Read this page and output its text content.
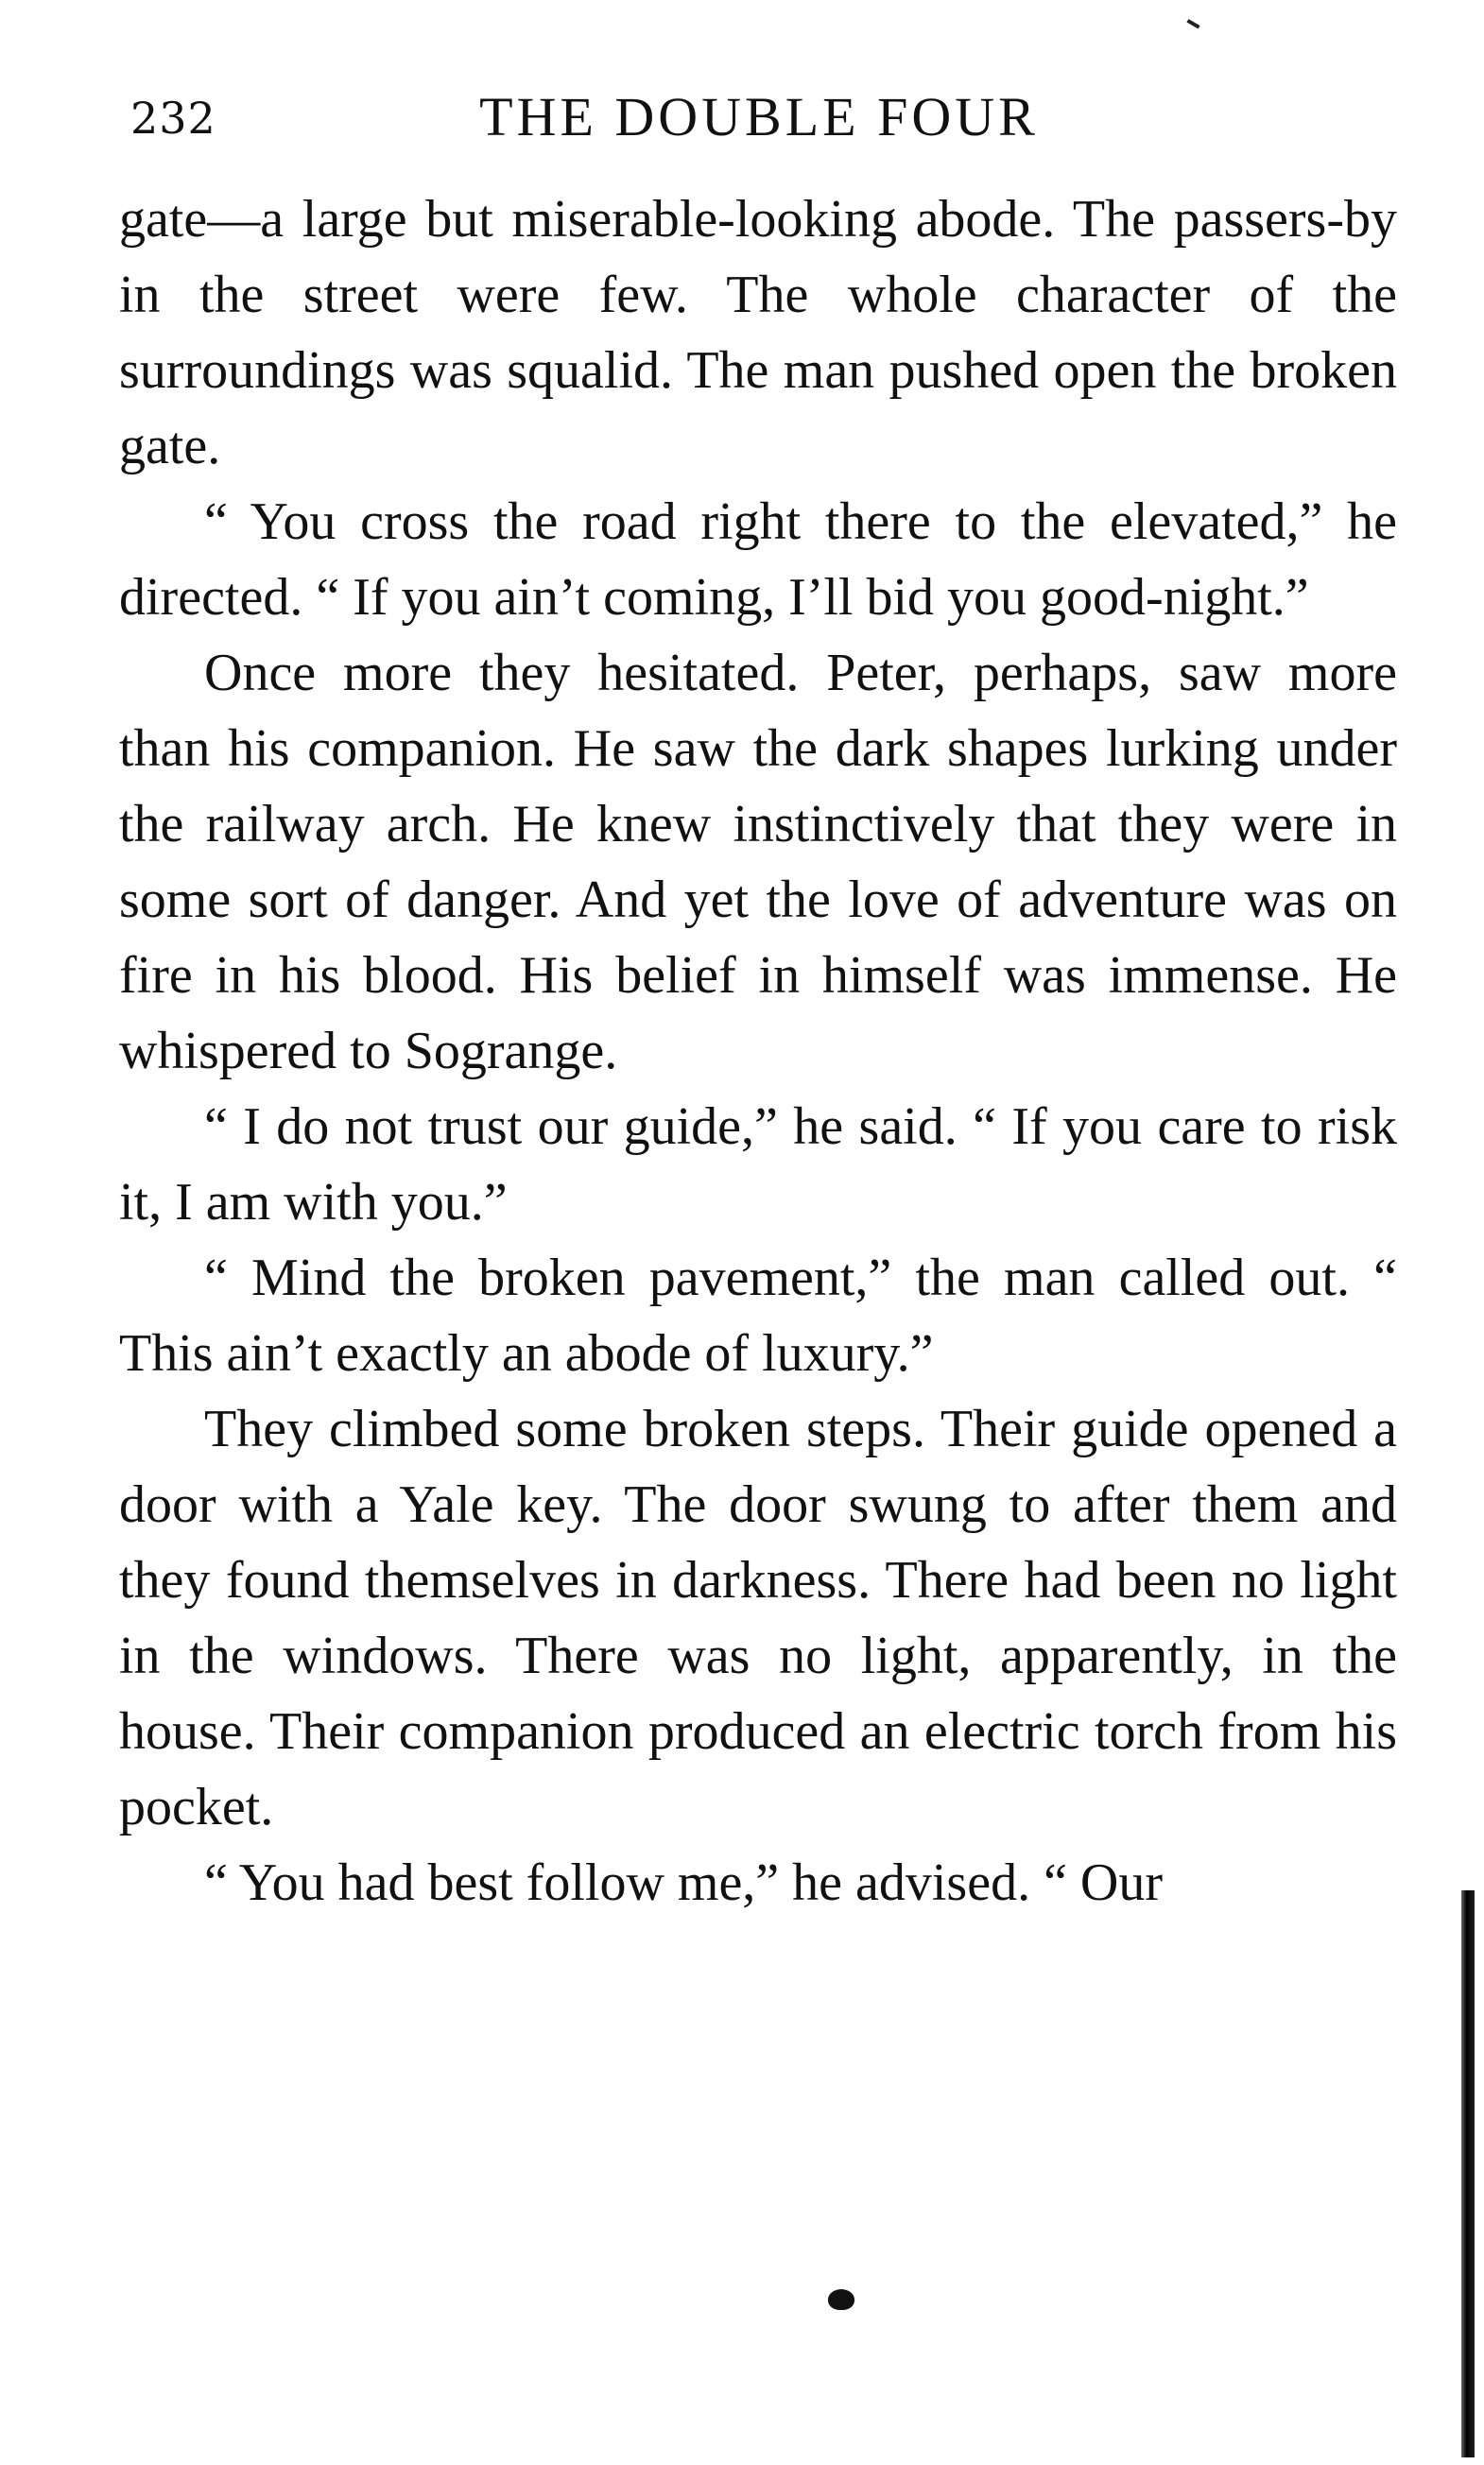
232	THE DOUBLE FOUR

gate—a large but miserable-looking abode. The passers-by in the street were few. The whole character of the surroundings was squalid. The man pushed open the broken gate.

“ You cross the road right there to the elevated,” he directed. “ If you ain’t coming, I’ll bid you good-night.”

Once more they hesitated. Peter, perhaps, saw more than his companion. He saw the dark shapes lurking under the railway arch. He knew instinctively that they were in some sort of danger. And yet the love of adventure was on fire in his blood. His belief in himself was immense. He whispered to Sogrange.

“ I do not trust our guide,” he said. “ If you care to risk it, I am with you.”

“ Mind the broken pavement,” the man called out. “ This ain’t exactly an abode of luxury.”

They climbed some broken steps. Their guide opened a door with a Yale key. The door swung to after them and they found themselves in darkness. There had been no light in the windows. There was no light, apparently, in the house. Their companion produced an electric torch from his pocket.

“ You had best follow me,” he advised. “ Our
